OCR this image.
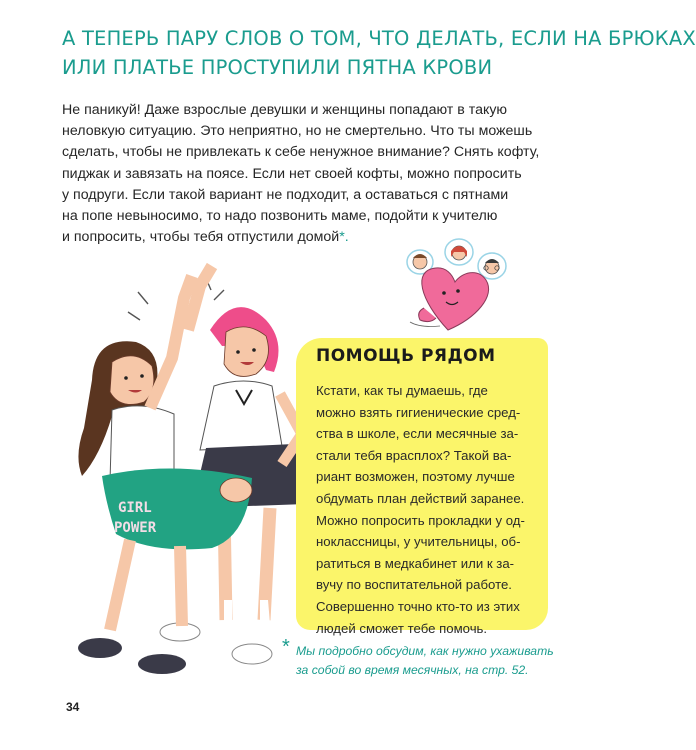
А ТЕПЕРЬ ПАРУ СЛОВ О ТОМ, ЧТО ДЕЛАТЬ, ЕСЛИ НА БРЮКАХ
ИЛИ ПЛАТЬЕ ПРОСТУПИЛИ ПЯТНА КРОВИ
Не паникуй! Даже взрослые девушки и женщины попадают в такую
неловкую ситуацию. Это неприятно, но не смертельно. Что ты можешь
сделать, чтобы не привлекать к себе ненужное внимание? Снять кофту,
пиджак и завязать на поясе. Если нет своей кофты, можно попросить
у подруги. Если такой вариант не подходит, а оставаться с пятнами
на попе невыносимо, то надо позвонить маме, подойти к учителю
и попросить, чтобы тебя отпустили домой*.
GIRL
POWER
ПОМОЩЬ РЯДОМ
Кстати, как ты думаешь, где
можно взять гигиенические сред-
ства в школе, если месячные за-
стали тебя врасплох? Такой ва-
риант возможен, поэтому лучше
обдумать план действий заранее.
Можно попросить прокладки у од-
ноклассницы, у учительницы, об-
ратиться в медкабинет или к за-
вучу по воспитательной работе.
Совершенно точно кто-то из этих
людей сможет тебе помочь.
* Мы подробно обсудим, как нужно ухаживать
за собой во время месячных, на стр. 52.
34
